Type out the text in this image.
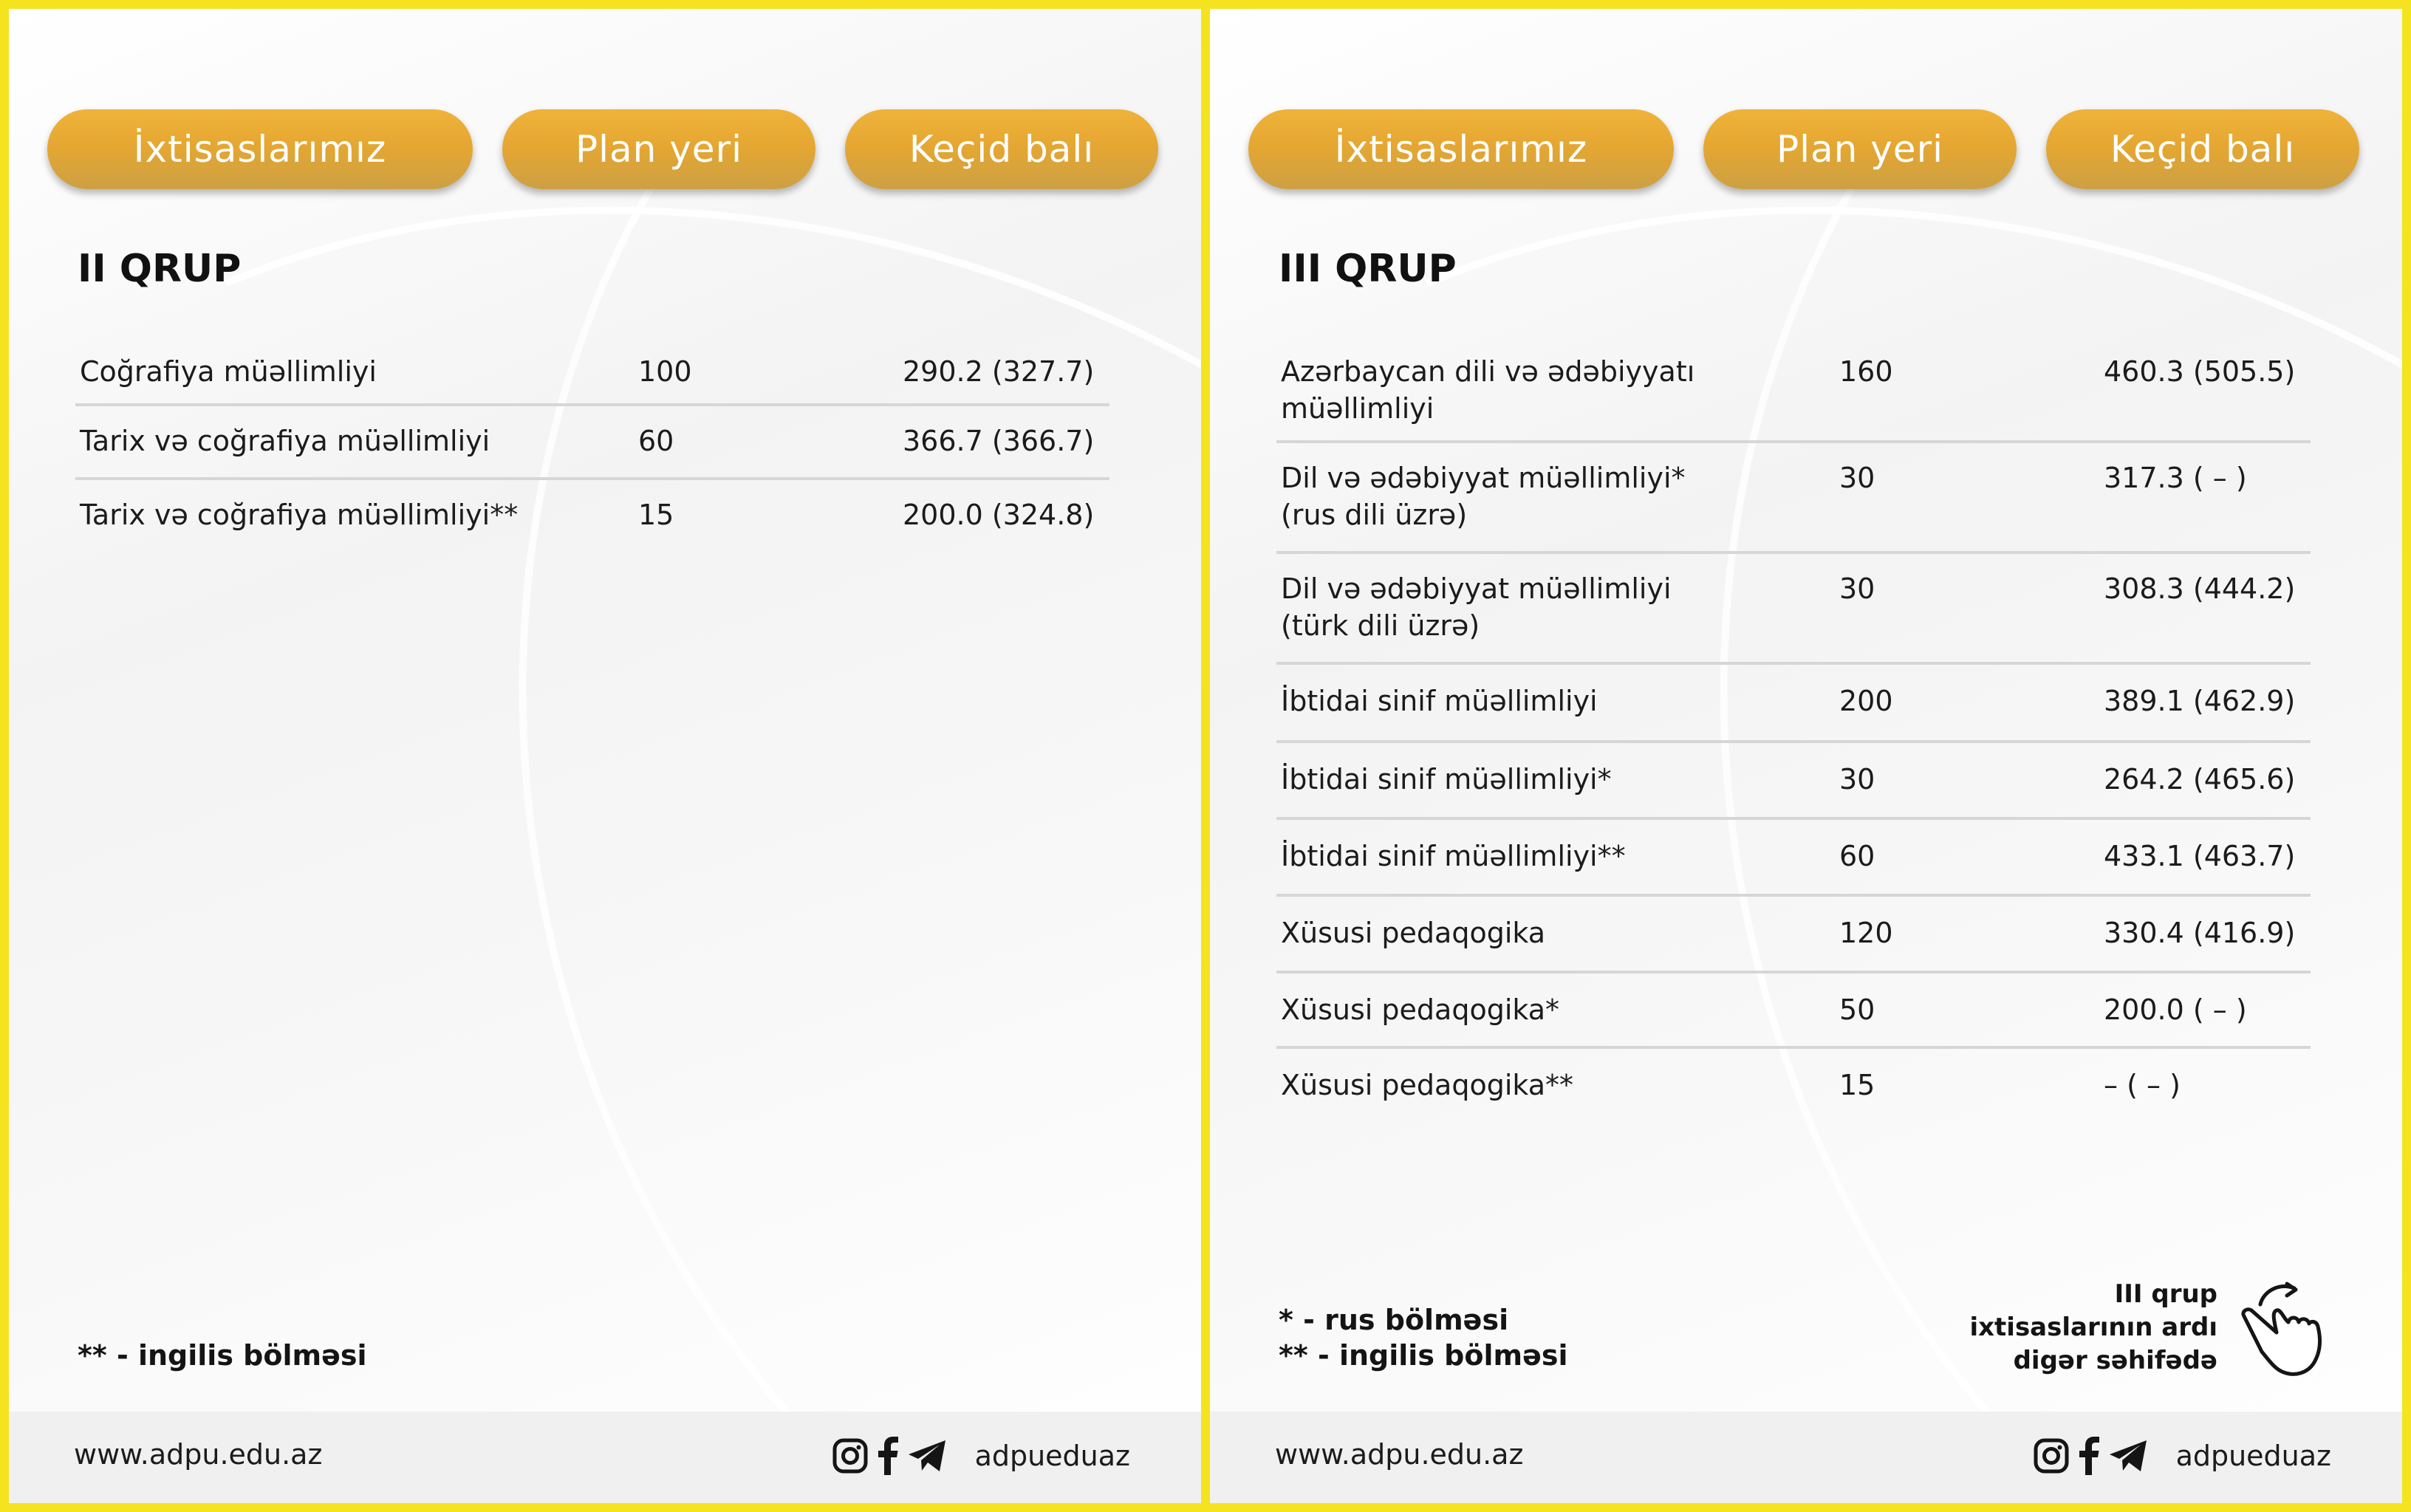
İxtisaslarımız	Plan yeri	Keçid balı
II QRUP
Coğrafiya müəllimliyi	100	290.2 (327.7)
Tarix və coğrafiya müəllimliyi	60	366.7 (366.7)
Tarix və coğrafiya müəllimliyi**	15	200.0 (324.8)
** - ingilis bölməsi
www.adpu.edu.az	adpueduaz
İxtisaslarımız	Plan yeri	Keçid balı
III QRUP
Azərbaycan dili və ədəbiyyatı
müəllimliyi
160	460.3 (505.5)
Dil və ədəbiyyat müəllimliyi*
(rus dili üzrə)
30	317.3 ( – )
Dil və ədəbiyyat müəllimliyi
(türk dili üzrə)
30	308.3 (444.2)
İbtidai sinif müəllimliyi	200	389.1 (462.9)
İbtidai sinif müəllimliyi*	30	264.2 (465.6)
İbtidai sinif müəllimliyi**	60	433.1 (463.7)
Xüsusi pedaqogika	120	330.4 (416.9)
Xüsusi pedaqogika*	50	200.0 ( – )
Xüsusi pedaqogika**	15	– ( – )
* - rus bölməsi
** - ingilis bölməsi
III qrup
ixtisaslarının ardı
digər səhifədə
www.adpu.edu.az	adpueduaz
